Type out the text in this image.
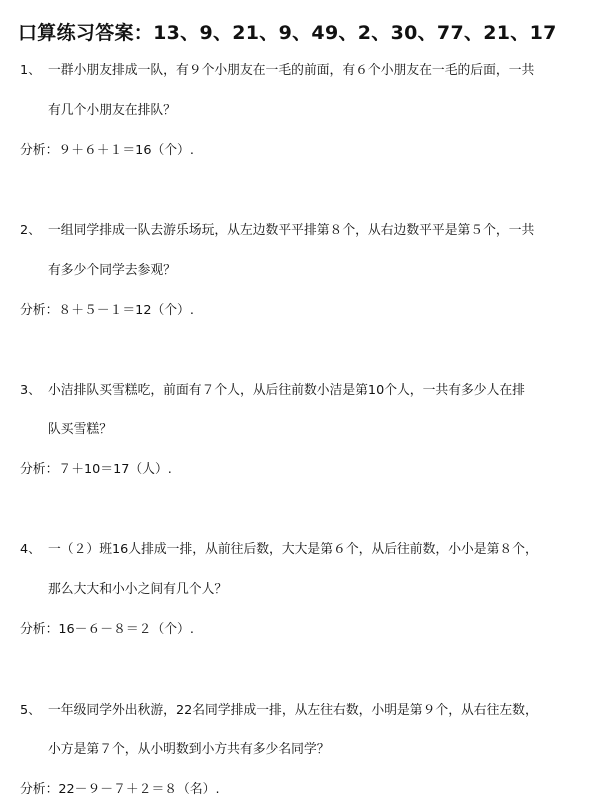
口算练习答案：13、9、21、9、49、2、30、77、21、17
1、 一群小朋友排成一队，有９个小朋友在一毛的前面，有６个小朋友在一毛的后面，一共
有几个小朋友在排队？
分析：９＋６＋１＝16（个）.
2、 一组同学排成一队去游乐场玩，从左边数平平排第８个，从右边数平平是第５个，一共
有多少个同学去参观？
分析：８＋５－１＝12（个）.
3、 小洁排队买雪糕吃，前面有７个人，从后往前数小洁是第10个人，一共有多少人在排
队买雪糕？
分析：７＋10＝17（人）.
4、 一（２）班16人排成一排，从前往后数，大大是第６个，从后往前数，小小是第８个，
那么大大和小小之间有几个人？
分析：16－６－８＝２（个）.
5、 一年级同学外出秋游，22名同学排成一排，从左往右数，小明是第９个，从右往左数，
小方是第７个，从小明数到小方共有多少名同学？
分析：22－９－７＋２＝８（名）.
